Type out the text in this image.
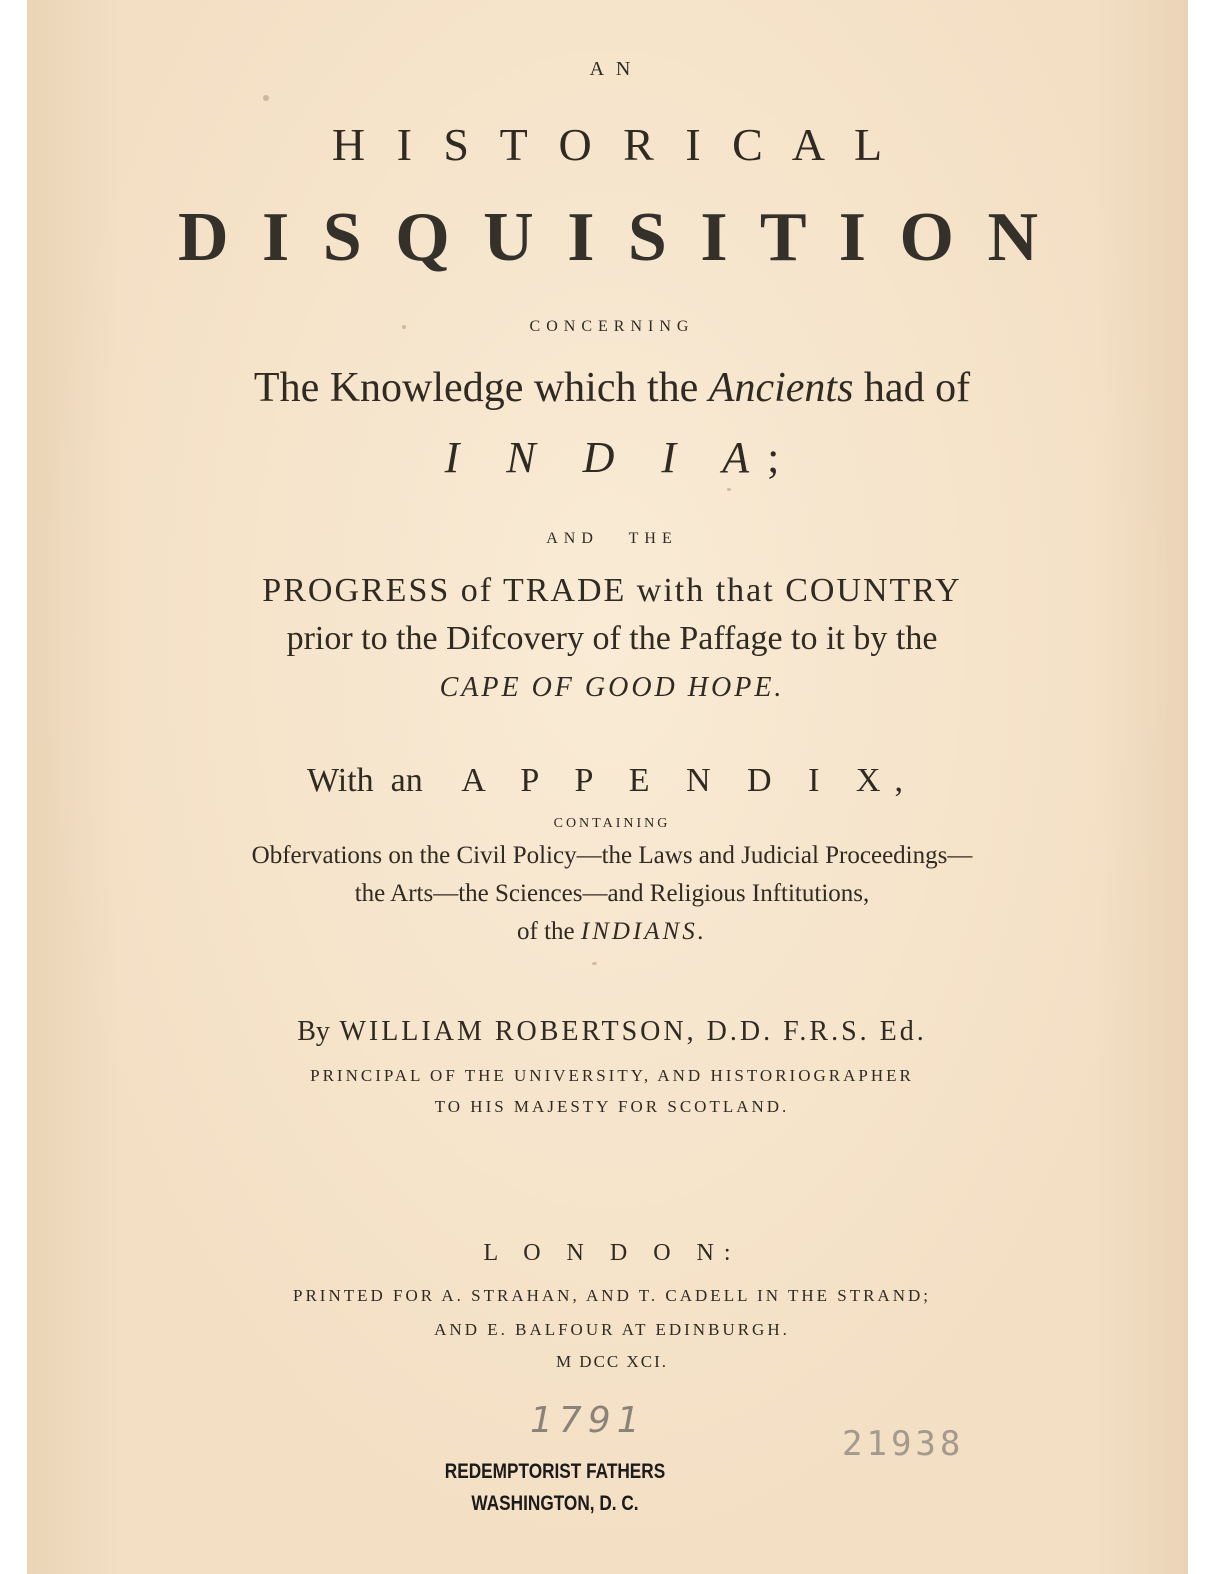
A N
H I S T O R I C A L
D I S Q U I S I T I O N
CONCERNING
The Knowledge which the Ancients had of
I N D I A;
AND   THE
PROGRESS of TRADE with that COUNTRY
prior to the Difcovery of the Paffage to it by the
CAPE OF GOOD HOPE.
With  an A P P E N D I X,
CONTAINING
Obfervations on the Civil Policy—the Laws and Judicial Proceedings—
the Arts—the Sciences—and Religious Inftitutions,
of the INDIANS.
By WILLIAM ROBERTSON, D.D. F.R.S. Ed.
PRINCIPAL OF THE UNIVERSITY, AND HISTORIOGRAPHER
TO HIS MAJESTY FOR SCOTLAND.
L O N D O N:
PRINTED FOR A. STRAHAN, AND T. CADELL IN THE STRAND;
AND E. BALFOUR AT EDINBURGH.
M DCC XCI.
1791
21938
REDEMPTORIST FATHERS
WASHINGTON, D. C.
